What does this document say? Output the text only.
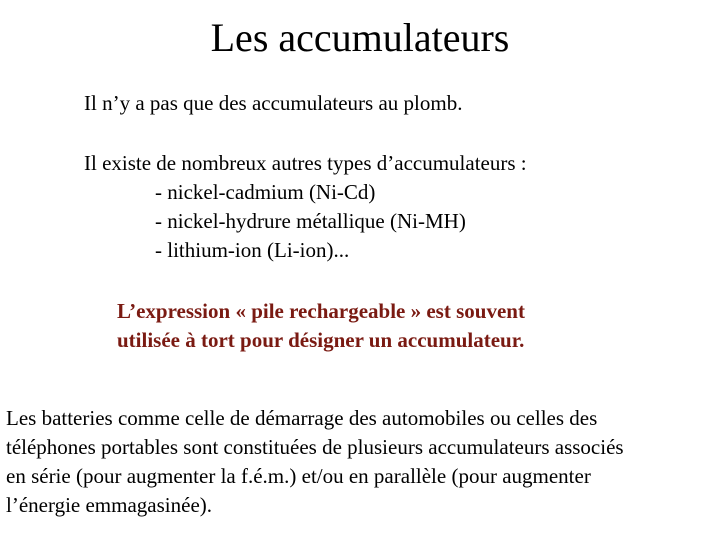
Les accumulateurs
Il n’y a pas que des accumulateurs au plomb.
Il existe de nombreux autres types d’accumulateurs :
- nickel-cadmium (Ni-Cd)
- nickel-hydrure métallique (Ni-MH)
- lithium-ion (Li-ion)...
L’expression « pile rechargeable » est souvent
utilisée à tort pour désigner un accumulateur.
Les batteries comme celle de démarrage des automobiles ou celles des
téléphones portables sont constituées de plusieurs accumulateurs associés
en série (pour augmenter la f.é.m.) et/ou en parallèle (pour augmenter
l’énergie emmagasinée).
